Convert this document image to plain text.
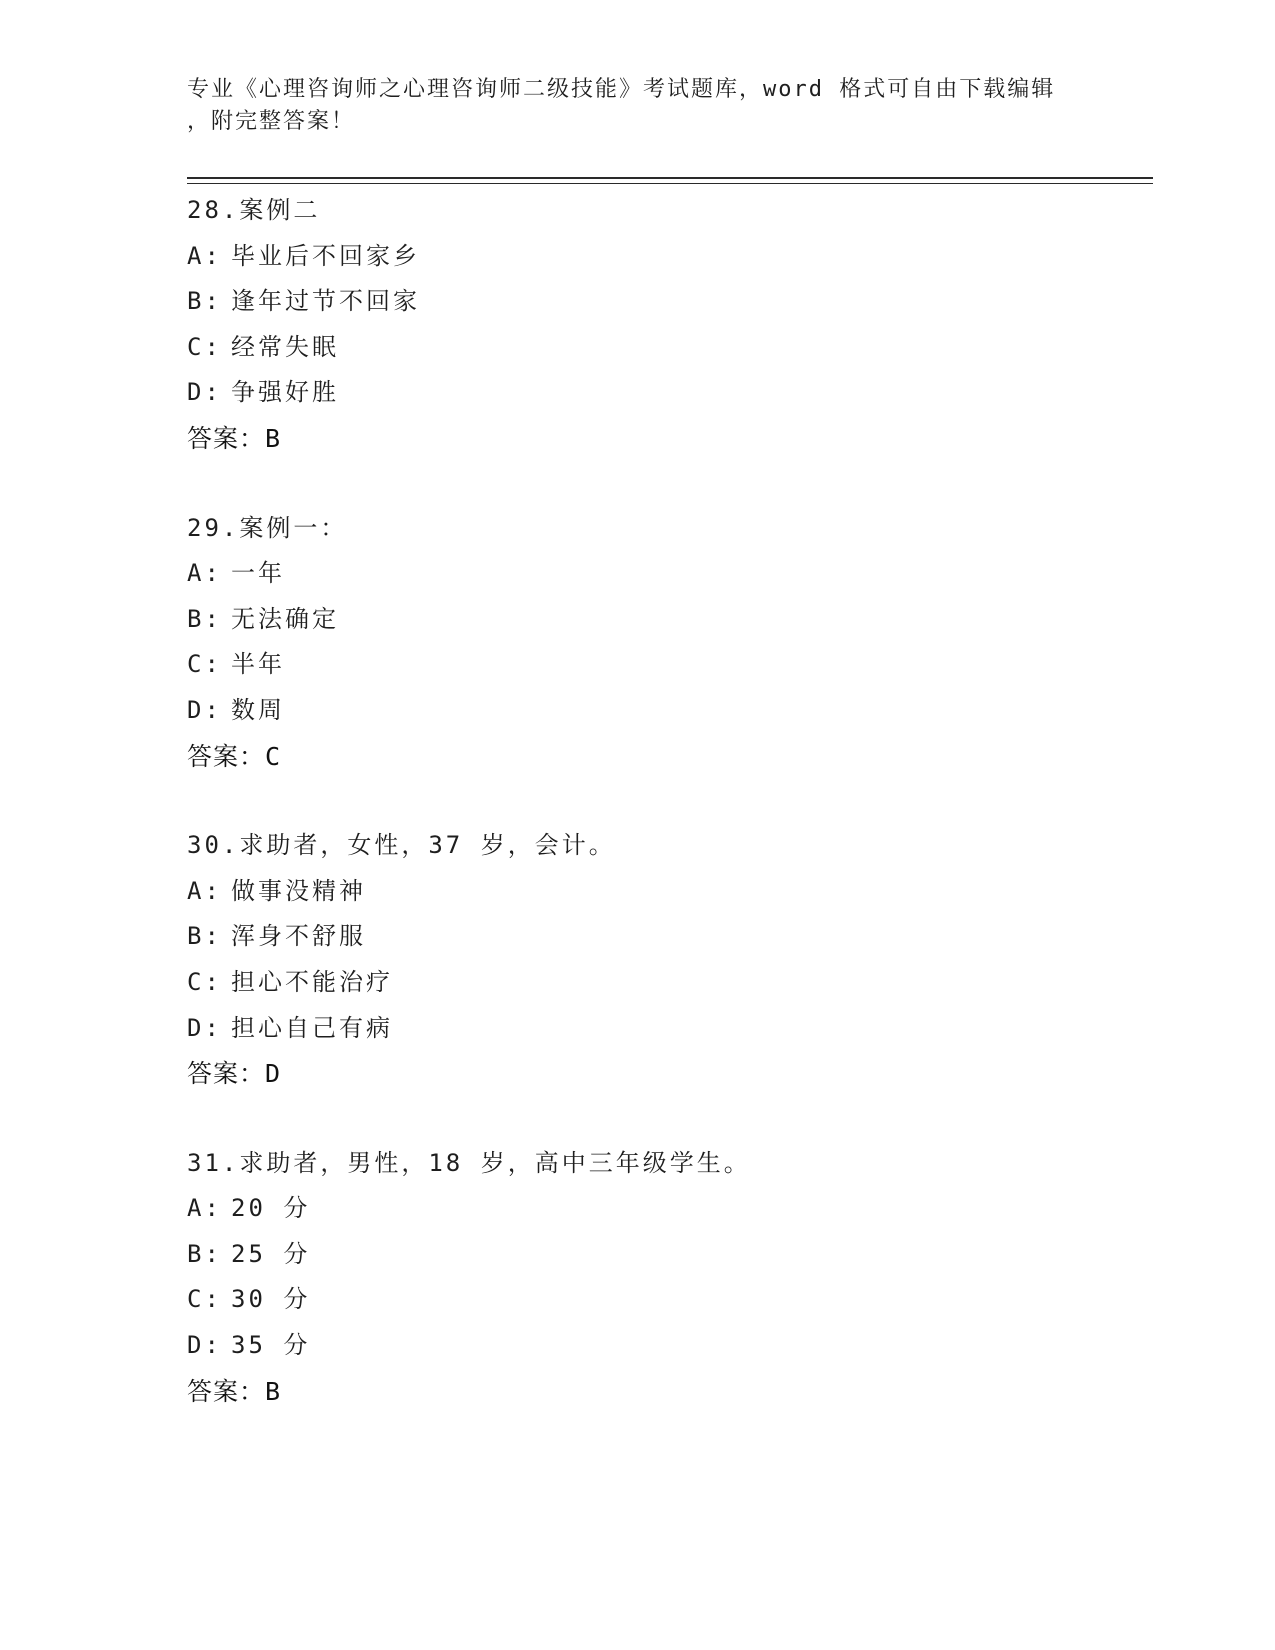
专业《心理咨询师之心理咨询师二级技能》考试题库，word 格式可自由下载编辑
，附完整答案！
28.案例二
A: 毕业后不回家乡
B: 逢年过节不回家
C: 经常失眠
D: 争强好胜
答案：B
29.案例一：
A: 一年
B: 无法确定
C: 半年
D: 数周
答案：C
30.求助者，女性，37 岁，会计。
A: 做事没精神
B: 浑身不舒服
C: 担心不能治疗
D: 担心自己有病
答案：D
31.求助者，男性，18 岁，高中三年级学生。
A: 20 分
B: 25 分
C: 30 分
D: 35 分
答案：B
